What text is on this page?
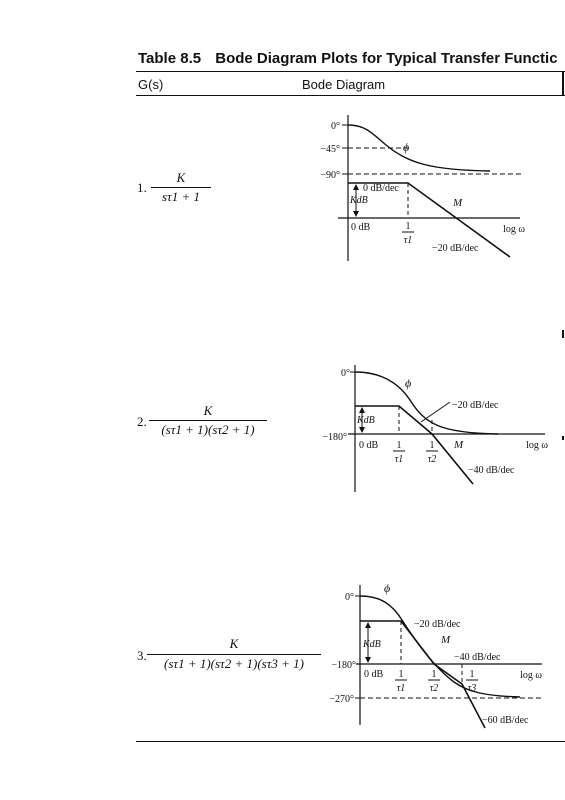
Table 8.5 Bode Diagram Plots for Typical Transfer Functic
G(s)	Bode Diagram
1.
K
sτ1 + 1
0°
−45°
−90°
ϕ
0 dB/dec
KdB	M
0 dB	1
τ1
log ω
−20 dB/dec
2.
K
(sτ1 + 1)(sτ2 + 1)
0°
−180°
ϕ
−20 dB/dec
KdB
0 dB 1
τ1
1
τ2
M	log ω
−40 dB/dec
3.
K
(sτ1 + 1)(sτ2 + 1)(sτ3 + 1)
0°
−180°
−270°
ϕ
−20 dB/dec
M
KdB
−40 dB/dec
0 dB 1
τ1
1
τ2
1
τ3
log ω
−60 dB/dec
